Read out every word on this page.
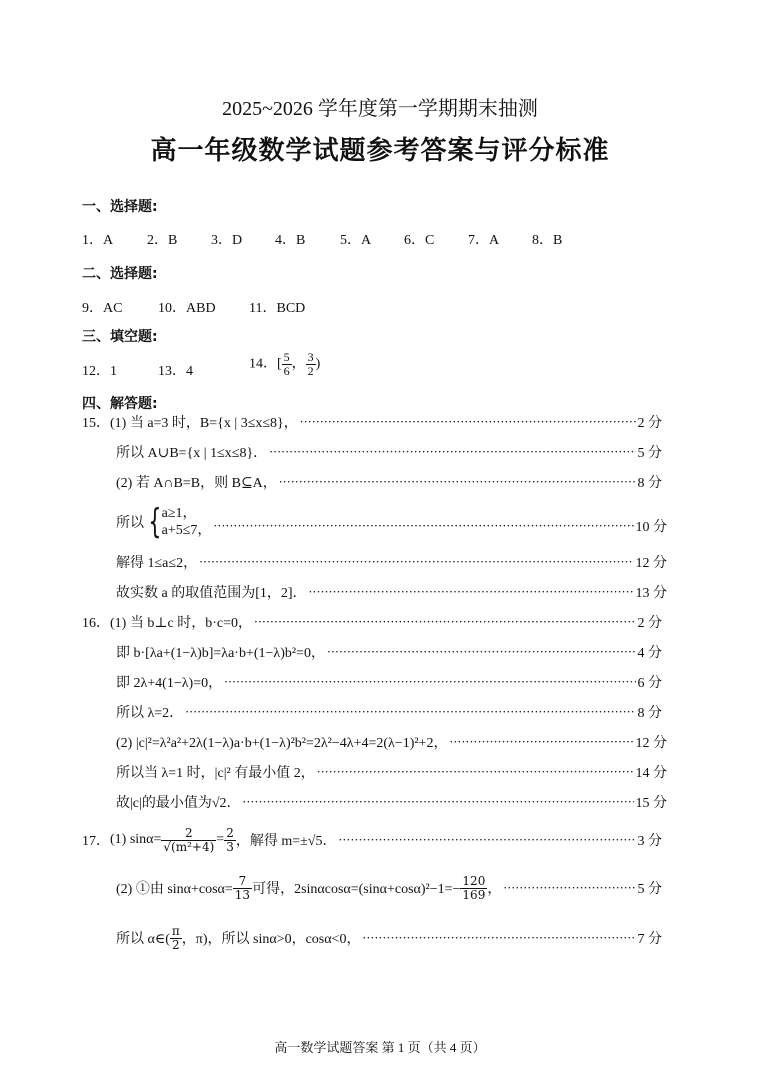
2025~2026 学年度第一学期期末抽测
高一年级数学试题参考答案与评分标准
一、选择题:
1．A 2．B 3．D 4．B 5．A 6．C 7．A 8．B
二、选择题:
9．AC	10．ABD 11．BCD
三、填空题:
12．1	13．4	14．[ $\frac{5}{6}$ ， $\frac{3}{2}$ )
四、解答题:
15． (1) 当 a=3 时，B={x | 3≤x≤8}， ·····	2 分
所以 A∪B={x | 1≤x≤8}． ·····	5 分
(2) 若 A∩B=B，则 B⊆A， ·····	8 分
所以 { a≥1，
a+5≤7， ·····	10 分
解得 1≤a≤2， ·····	12 分
故实数 a 的取值范围为[1，2]． ·····	13 分
16． (1) 当 b⊥c 时，b·c=0， ·····	2 分
即 b·[λa+(1−λ)b]=λa·b+(1−λ)b²=0， ·····	4 分
即 2λ+4(1−λ)=0， ·····	6 分
所以 λ=2． ·····	8 分
(2) |c|²=λ²a²+2λ(1−λ)a·b+(1−λ)²b²=2λ²−4λ+4=2(λ−1)²+2， ·····	12 分
所以当 λ=1 时，|c|² 有最小值 2， ·····	14 分
故|c|的最小值为√2． ·····	15 分
17． (1) $\sin\alpha= \frac{2}{\text{√(m²+4)}} = \frac{2}{3}$ ，解得 m=±√5． ·····	3 分
(2) ①由 $\sin\alpha+\cos\alpha= \frac{7}{13}$ 可得，$2\sin\alpha\cos\alpha=(\sin\alpha+\cos\alpha)^2-1=- \frac{120}{169}$ ， ·····	5 分
所以 α∈( $\frac{\pi}{2}$ ，π)，所以 sinα>0，cosα<0， ·····	7 分
高一数学试题答案 第 1 页（共 4 页）
